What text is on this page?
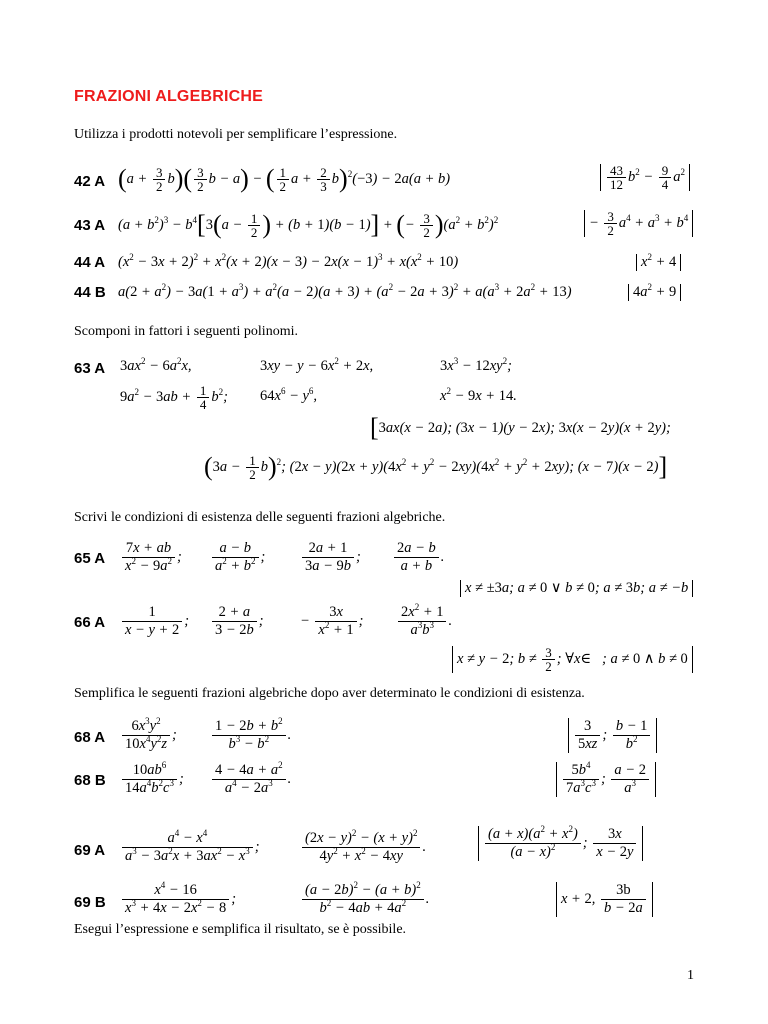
FRAZIONI ALGEBRICHE
Utilizza i prodotti notevoli per semplificare l’espressione.
42 A $(a + \frac{3}{2} b)( \frac{3}{2}$ b − a) − ( $\frac{1}{2}$ $a + \frac{2}{3} b)^2(-3) - 2a(a + b)$	$\frac{43}{12} b^2 - \frac{9}{4} a^2$
43 A $(a + b^2)^3 - b^4[3(a - \frac{1}{2}$ ) + (b + 1)(b − 1)] + (− $\frac{3}{2} )(a^2 + b^2)^2$	− $\frac{3}{2} a^4 + a^3 + b^4$
44 A $(x^2 - 3x + 2)^2 + x^2(x + 2)(x - 3) - 2x(x - 1)^3 + x(x^2 + 10)$	$x^2 + 4$
44 B $a(2 + a^2) - 3a(1 + a^3) + a^2(a - 2)(a + 3) + (a^2 - 2a + 3)^2 + a(a^3 + 2a^2 + 13)$	$4a^2 + 9$
Scomponi in fattori i seguenti polinomi.
63 A $3ax^2 - 6a^2x$,	$3xy - y - 6x^2 + 2x$,	$3x^3 - 12xy^2$;
$9a^2 - 3ab + \frac{1}{4} b^2$; $64x^6 - y^6$,	$x^2 - 9x + 14$.
[3ax(x − 2a); (3x − 1)(y − 2x); 3x(x − 2y)(x + 2y);
$(3a - \frac{1}{2} b)^2$; $(2x - y)(2x + y)(4x^2 + y^2 - 2xy)(4x^2 + y^2 + 2xy)$; (x − 7)(x − 2)]
Scrivi le condizioni di esistenza delle seguenti frazioni algebriche.
65 A $\frac{7x + ab}{x^2 - 9a^2}$ ; $\frac{a - b}{a^2 + b^2}$ ;	$\frac{2a + 1}{3a - 9b}$ ; $\frac{2a - b}{a + b}$ .
x ≠ ±3a; a ≠ 0 ∨ b ≠ 0; a ≠ 3b; a ≠ −b
66 A $\frac{1}{x - y + 2}$ ; $\frac{2 + a}{3 - 2b}$ ;	− $\frac{3x}{x^2 + 1}$ ; $\frac{2x^2 + 1}{a^3b^3}$ .
x ≠ y − 2; $b \ne \frac{3}{2}$ ; ∀x∈   ; a ≠ 0 ∧ b ≠ 0
Semplifica le seguenti frazioni algebriche dopo aver determinato le condizioni di esistenza.
68 A $\frac{6x^3y^2}{10x^4y^2z}$ ; $\frac{1 - 2b + b^2}{b^3 - b^2}$ .	$\frac{3}{5xz}$ ; $\frac{b - 1}{b^2}$
68 B $\frac{10ab^6}{14a^4b^2c^3}$ ; $\frac{4 - 4a + a^2}{a^4 - 2a^3}$ .	$\frac{5b^4}{7a^3c^3}$ ; $\frac{a - 2}{a^3}$
69 A $\frac{a^4 - x^4}{a^3 - 3a^2x + 3ax^2 - x^3}$ ;	$\frac{(2x - y)^2 - (x + y)^2}{4y^2 + x^2 - 4xy}$ .	$\frac{(a + x)(a^2 + x^2)}{(a - x)^2}$ ; $\frac{3x}{x - 2y}$
69 B $\frac{x^4 - 16}{x^3 + 4x - 2x^2 - 8}$ ;	$\frac{(a - 2b)^2 - (a + b)^2}{b^2 - 4ab + 4a^2}$ .	x + 2, $\frac{3b}{b - 2a}$
Esegui l’espressione e semplifica il risultato, se è possibile.
1
